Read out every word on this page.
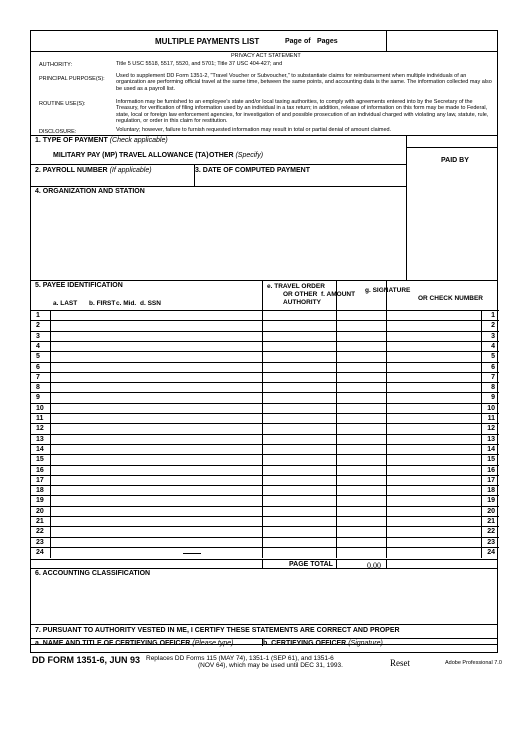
MULTIPLE PAYMENTS LIST	Page of Pages
PRIVACY ACT STATEMENT
AUTHORITY:	Title 5 USC 5518, 5517, 5520, and 5701; Title 37 USC 404-427; and
PRINCIPAL PURPOSE(S): Used to supplement DD Form 1351-2, "Travel Voucher or Subvoucher," to substantiate claims for reimbursement when multiple individuals of an organization are performing official travel at the same time, between the same points, and accounting data is the same. The information collected may also be used as a payroll list.
ROUTINE USE(S):	Information may be furnished to an employee's state and/or local taxing authorities, to comply with agreements entered into by the Secretary of the Treasury, for verification of filing information used by an individual in a tax return; in addition, release of information on this form may be made to Federal, state, local or foreign law enforcement agencies, for investigation of and possible prosecution of an individual charged with violating any law, statute, rule, regulation, or order in this claim for restitution.
DISCLOSURE:	Voluntary; however, failure to furnish requested information may result in total or partial denial of amount claimed.
1. TYPE OF PAYMENT (Check applicable)
MILITARY PAY (MP) TRAVEL ALLOWANCE (TA) OTHER (Specify)
PAID BY
2. PAYROLL NUMBER (If applicable)	3. DATE OF COMPUTED PAYMENT
4. ORGANIZATION AND STATION
5. PAYEE IDENTIFICATION
a. LAST b. FIRST c. Mid. d. SSN
e. TRAVEL ORDER
OR OTHER
AUTHORITY
f. AMOUNT
g. SIGNATURE
OR CHECK NUMBER
1	1
2	2
3	3
4	4
5	5
6	6
7	7
8	8
9	9
10	10
11	11
12	12
13	13
14	14
15	15
16	16
17	17
18	18
19	19
20	20
21	21
22	22
23	23
24	24
PAGE TOTAL	0.00
6. ACCOUNTING CLASSIFICATION
7. PURSUANT TO AUTHORITY VESTED IN ME, I CERTIFY THESE STATEMENTS ARE CORRECT AND PROPER
a. NAME AND TITLE OF CERTIFYING OFFICER (Please type)	b. CERTIFYING OFFICER (Signature)
DD FORM 1351-6, JUN 93 Replaces DD Forms 115 (MAY 74), 1351-1 (SEP 61), and 1351-6
(NOV 64), which may be used until DEC 31, 1993.	Reset	Adobe Professional 7.0
